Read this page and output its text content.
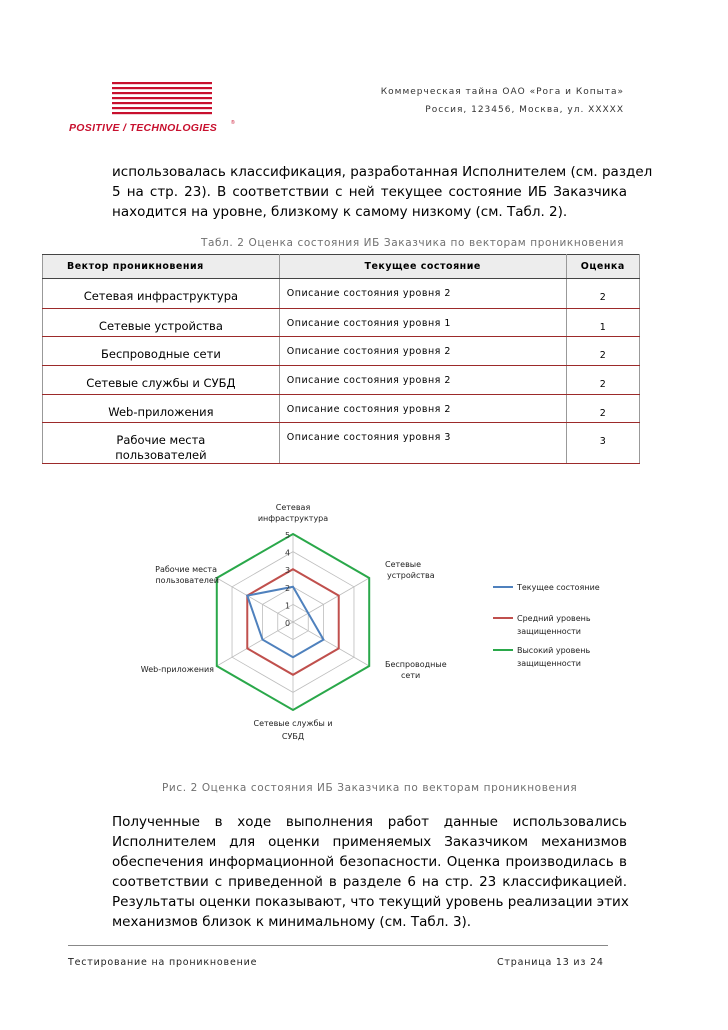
POSITIVE / TECHNOLOGIES	®
Коммерческая тайна ОАО «Рога и Копыта»
Россия, 123456, Москва, ул. XXXXX
использовалась классификация, разработанная Исполнителем (см. раздел
5 на стр. 23). В соответствии с ней текущее состояние ИБ Заказчика
находится на уровне, близкому к самому низкому (см. Табл. 2).
Табл. 2 Оценка состояния ИБ Заказчика по векторам проникновения
Вектор проникновения	Текущее состояние	Оценка
Сетевая инфраструктура	Описание состояния уровня 2	2
Сетевые устройства	Описание состояния уровня 1	1
Беспроводные сети	Описание состояния уровня 2	2
Сетевые службы и СУБД	Описание состояния уровня 2	2
Web-приложения	Описание состояния уровня 2	2
Рабочие места пользователей	Описание состояния уровня 3	3
0
1
2
3
4
5
Сетевая
инфраструктура
Сетевые
устройства
Беспроводные
сети
Сетевые службы и
СУБД
Web-приложения
Рабочие места
пользователей
Текущее состояние
Средний уровень
защищенности
Высокий уровень
защищенности
Рис. 2 Оценка состояния ИБ Заказчика по векторам проникновения
Полученные в ходе выполнения работ данные использовались
Исполнителем для оценки применяемых Заказчиком механизмов
обеспечения информационной безопасности. Оценка производилась в
соответствии с приведенной в разделе 6 на стр. 23 классификацией.
Результаты оценки показывают, что текущий уровень реализации этих
механизмов близок к минимальному (см. Табл. 3).
Тестирование на проникновение	Страница 13 из 24
